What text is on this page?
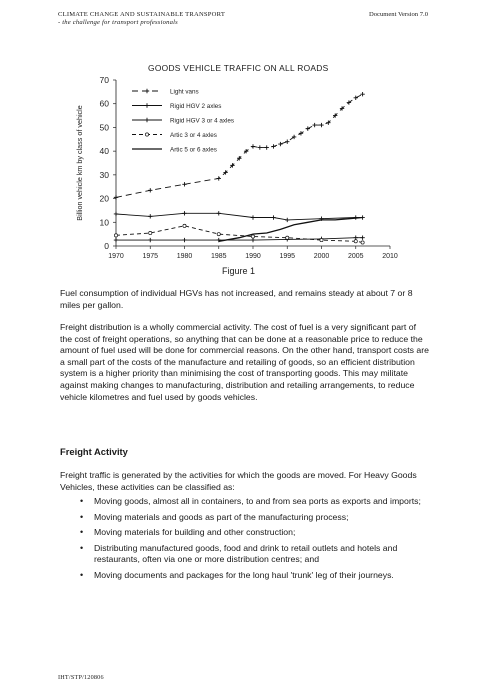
CLIMATE CHANGE AND SUSTAINABLE TRANSPORT
- the challenge for transport professionals
Document Version 7.0
GOODS VEHICLE TRAFFIC ON ALL ROADS
0
10
20
30
40
50
60
70
1970	1975	1980	1985	1990	1995	2000	2005	2010
Billion vehicle km by class of vehicle
Light vans
Rigid HGV 2 axles
Rigid HGV 3 or 4 axles
Artic 3 or 4 axles
Artic 5 or 6 axles
Figure 1
Fuel consumption of individual HGVs has not increased, and remains steady at about 7 or 8 miles per gallon.
Freight distribution is a wholly commercial activity. The cost of fuel is a very significant part of the cost of freight operations, so anything that can be done at a reasonable price to reduce the amount of fuel used will be done for commercial reasons. On the other hand, transport costs are a small part of the costs of the manufacture and retailing of goods, so an efficient distribution system is a higher priority than minimising the cost of transporting goods. This may militate against making changes to manufacturing, distribution and retailing arrangements, to reduce vehicle kilometres and fuel used by goods vehicles.
Freight Activity
Freight traffic is generated by the activities for which the goods are moved. For Heavy Goods Vehicles, these activities can be classified as:
• Moving goods, almost all in containers, to and from sea ports as exports and imports;
• Moving materials and goods as part of the manufacturing process;
• Moving materials for building and other construction;
• Distributing manufactured goods, food and drink to retail outlets and hotels and restaurants, often via one or more distribution centres; and
• Moving documents and packages for the long haul 'trunk' leg of their journeys.
IHT/STP/120806
